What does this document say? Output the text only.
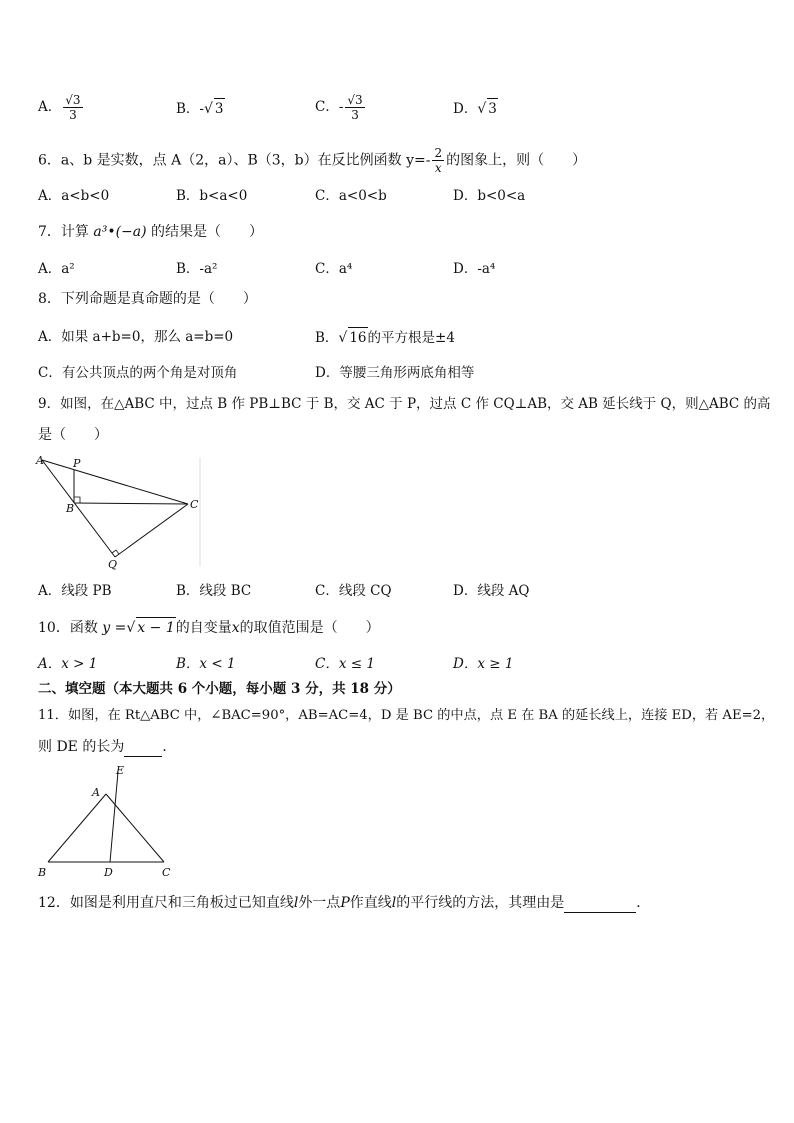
A． $\frac{√3}{3}$	B．-√ 3	C．- $\frac{√3}{3}$	D．√ 3
6．a、b 是实数，点 A（2，a）、B（3，b）在反比例函数 $y=- \frac{2}{x}$ 的图象上，则（　　）
A．a<b<0	B．b<a<0	C．a<0<b	D．b<0<a
7．计算 a³•(−a) 的结果是（　　）
A．a²	B．-a²	C．a⁴	D．-a⁴
8．下列命题是真命题的是（　　）
A．如果 a+b=0，那么 a=b=0	B．√ 16的平方根是±4
C．有公共顶点的两个角是对顶角	D．等腰三角形两底角相等
9．如图，在△ABC 中，过点 B 作 PB⊥BC 于 B，交 AC 于 P，过点 C 作 CQ⊥AB，交 AB 延长线于 Q，则△ABC 的高
是（　　）
A	P
B	C
Q
A．线段 PB	B．线段 BC	C．线段 CQ	D．线段 AQ
10．函数 y =√ x − 1的自变量x的取值范围是（　　）
A．x > 1	B．x < 1	C．x ≤ 1	D．x ≥ 1
二、填空题（本大题共 6 个小题，每小题 3 分，共 18 分）
11．如图，在 Rt△ABC 中，∠BAC=90°，AB=AC=4，D 是 BC 的中点，点 E 在 BA 的延长线上，连接 ED，若 AE=2，
则 DE 的长为	．
E
A
B	D	C
12．如图是利用直尺和三角板过已知直线l外一点P作直线l的平行线的方法，其理由是	．
